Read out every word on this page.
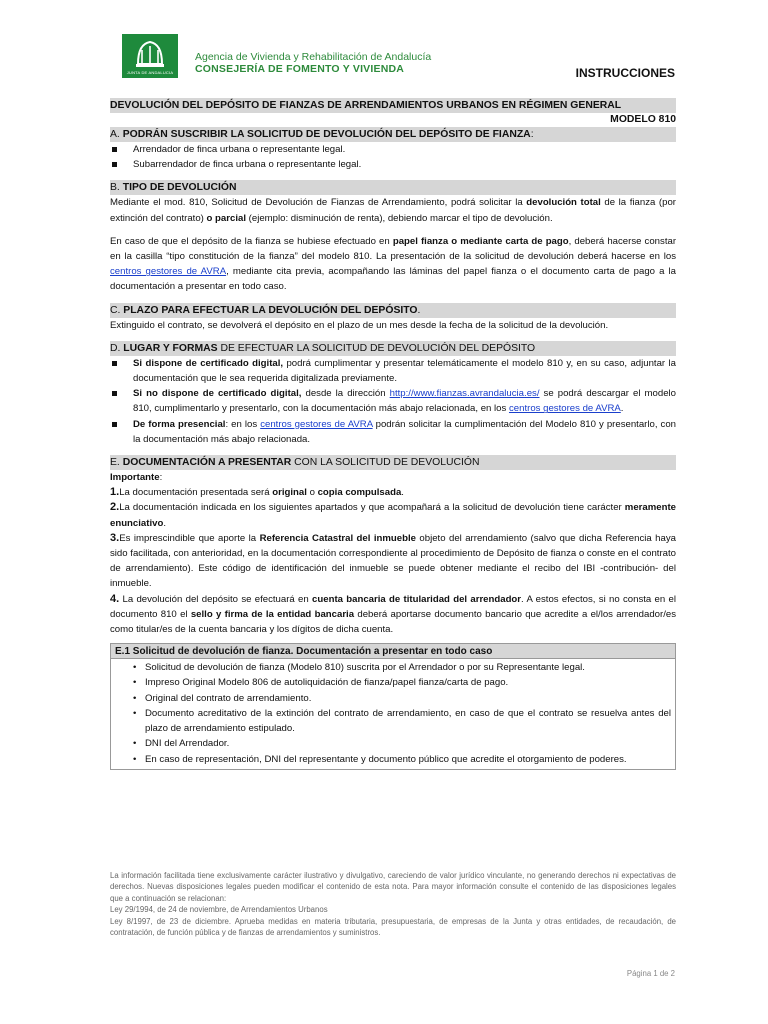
JUNTA DE ANDALUCIA
Agencia de Vivienda y Rehabilitación de Andalucía
CONSEJERÍA DE FOMENTO Y VIVIENDA	INSTRUCCIONES
DEVOLUCIÓN DEL DEPÓSITO DE FIANZAS DE ARRENDAMIENTOS URBANOS EN RÉGIMEN GENERAL
MODELO 810
A. PODRÁN SUSCRIBIR LA SOLICITUD DE DEVOLUCIÓN DEL DEPÓSITO DE FIANZA:
Arrendador de finca urbana o representante legal.
Subarrendador de finca urbana o representante legal.
B. TIPO DE DEVOLUCIÓN

Mediante el mod. 810, Solicitud de Devolución de Fianzas de Arrendamiento, podrá solicitar la devolución total de la fianza (por extinción del contrato) o parcial (ejemplo: disminución de renta), debiendo marcar el tipo de devolución.

En caso de que el depósito de la fianza se hubiese efectuado en papel fianza o mediante carta de pago, deberá hacerse constar en la casilla “tipo constitución de la fianza” del modelo 810. La presentación de la solicitud de devolución deberá hacerse en los centros gestores de AVRA, mediante cita previa, acompañando las láminas del papel fianza o el documento carta de pago a la documentación a presentar en todo caso.

C. PLAZO PARA EFECTUAR LA DEVOLUCIÓN DEL DEPÓSITO.

Extinguido el contrato, se devolverá el depósito en el plazo de un mes desde la fecha de la solicitud de la devolución.

D. LUGAR Y FORMAS DE EFECTUAR LA SOLICITUD DE DEVOLUCIÓN DEL DEPÓSITO
Si dispone de certificado digital, podrá cumplimentar y presentar telemáticamente el modelo 810 y, en su caso, adjuntar la documentación que le sea requerida digitalizada previamente.
Si no dispone de certificado digital, desde la dirección http://www.fianzas.avrandalucia.es/ se podrá descargar el modelo 810, cumplimentarlo y presentarlo, con la documentación más abajo relacionada, en los centros gestores de AVRA.
De forma presencial: en los centros gestores de AVRA podrán solicitar la cumplimentación del Modelo 810 y presentarlo, con la documentación más abajo relacionada.
E. DOCUMENTACIÓN A PRESENTAR CON LA SOLICITUD DE DEVOLUCIÓN

Importante:

1.La documentación presentada será original o copia compulsada.

2.La documentación indicada en los siguientes apartados y que acompañará a la solicitud de devolución tiene carácter meramente enunciativo.

3.Es imprescindible que aporte la Referencia Catastral del inmueble objeto del arrendamiento (salvo que dicha Referencia haya sido facilitada, con anterioridad, en la documentación correspondiente al procedimiento de Depósito de fianza o conste en el contrato de arrendamiento). Este código de identificación del inmueble se puede obtener mediante el recibo del IBI -contribución- del inmueble.

4. La devolución del depósito se efectuará en cuenta bancaria de titularidad del arrendador. A estos efectos, si no consta en el documento 810 el sello y firma de la entidad bancaria deberá aportarse documento bancario que acredite a el/los arrendador/es como titular/es de la cuenta bancaria y los dígitos de dicha cuenta.

E.1 Solicitud de devolución de fianza. Documentación a presentar en todo caso
• Solicitud de devolución de fianza (Modelo 810) suscrita por el Arrendador o por su Representante legal.
• Impreso Original Modelo 806 de autoliquidación de fianza/papel fianza/carta de pago.
• Original del contrato de arrendamiento.
• Documento acreditativo de la extinción del contrato de arrendamiento, en caso de que el contrato se resuelva antes del plazo de arrendamiento estipulado.
• DNI del Arrendador.
• En caso de representación, DNI del representante y documento público que acredite el otorgamiento de poderes.
La información facilitada tiene exclusivamente carácter ilustrativo y divulgativo, careciendo de valor jurídico vinculante, no generando derechos ni expectativas de derechos. Nuevas disposiciones legales pueden modificar el contenido de esta nota. Para mayor información consulte el contenido de las disposiciones legales que a continuación se relacionan:
Ley 29/1994, de 24 de noviembre, de Arrendamientos Urbanos
Ley 8/1997, de 23 de diciembre. Aprueba medidas en materia tributaria, presupuestaria, de empresas de la Junta y otras entidades, de recaudación, de contratación, de función pública y de fianzas de arrendamientos y suministros.
Página 1 de 2
